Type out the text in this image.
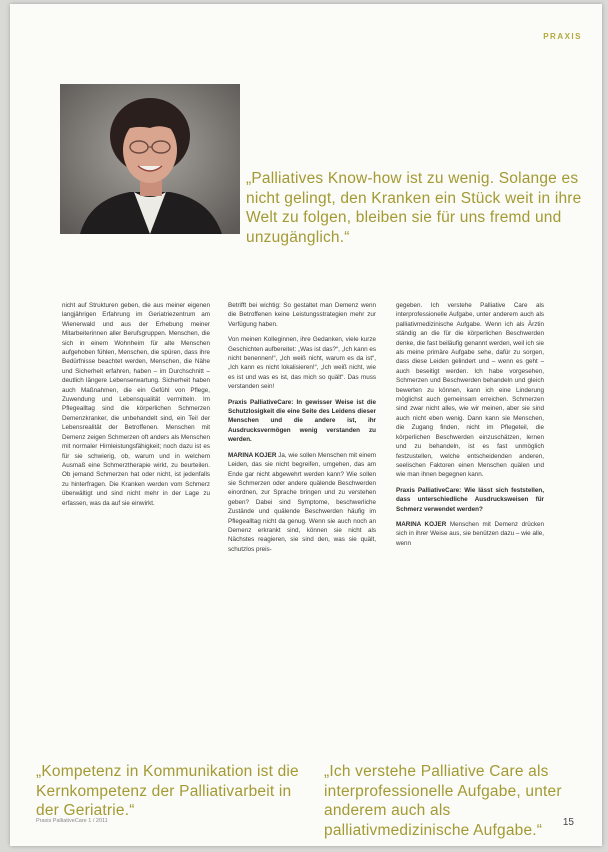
PRAXIS
„Palliatives Know-how ist zu wenig. Solange es nicht gelingt, den Kranken ein Stück weit in ihre Welt zu folgen, bleiben sie für uns fremd und unzugänglich.“

nicht auf Strukturen geben, die aus meiner eigenen langjährigen Erfahrung im Geriatriezentrum am Wienerwald und aus der Erhebung meiner Mitarbeiterinnen aller Berufsgruppen. Menschen, die sich in einem Wohnheim für alte Menschen aufgehoben fühlen, Menschen, die spüren, dass ihre Bedürfnisse beachtet werden, Menschen, die Nähe und Sicherheit erfahren, haben – im Durchschnitt – deutlich längere Lebenserwartung. Sicherheit haben auch Maßnahmen, die ein Gefühl von Pflege, Zuwendung und Lebensqualität vermitteln. Im Pflegealltag sind die körperlichen Schmerzen Demenzkranker, die unbehandelt sind, ein Teil der Lebensrealität der Betroffenen. Menschen mit Demenz zeigen Schmerzen oft anders als Menschen mit normaler Hirnleistungsfähigkeit; noch dazu ist es für sie schwierig, ob, warum und in welchem Ausmaß eine Schmerztherapie wirkt, zu beurteilen. Ob jemand Schmerzen hat oder nicht, ist jedenfalls zu hinterfragen. Die Kranken werden vom Schmerz überwältigt und sind nicht mehr in der Lage zu erfassen, was da auf sie einwirkt.

Betrifft bei wichtig: So gestaltet man Demenz wenn die Betroffenen keine Leistungsstrategien mehr zur Verfügung haben.

Von meinen Kolleginnen, ihre Gedanken, viele kurze Geschichten aufbereitet: „Was ist das?“, „Ich kann es nicht benennen!“, „Ich weiß nicht, warum es da ist“, „Ich kann es nicht lokalisieren!“, „Ich weiß nicht, wie es ist und was es ist, das mich so quält“. Das muss verstanden sein!

Praxis PalliativeCare: In gewisser Weise ist die Schutzlosigkeit die eine Seite des Leidens dieser Menschen und die andere ist, ihr Ausdrucksvermögen wenig verstanden zu werden.

MARINA KOJER Ja, wie sollen Menschen mit einem Leiden, das sie nicht begreifen, umgehen, das am Ende gar nicht abgewehrt werden kann? Wie sollen sie Schmerzen oder andere quälende Beschwerden einordnen, zur Sprache bringen und zu verstehen geben? Dabei sind Symptome, beschwerliche Zustände und quälende Beschwerden häufig im Pflegealltag nicht da genug. Wenn sie auch noch an Demenz erkrankt sind, können sie nicht als Nächstes reagieren, sie sind den, was sie quält, schutzlos preis-

gegeben. Ich verstehe Palliative Care als interprofessionelle Aufgabe, unter anderem auch als palliativmedizinische Aufgabe. Wenn ich als Ärztin ständig an die für die körperlichen Beschwerden denke, die fast beiläufig genannt werden, weil ich sie als meine primäre Aufgabe sehe, dafür zu sorgen, dass diese Leiden gelindert und – wenn es geht – auch beseitigt werden. Ich habe vorgesehen, Schmerzen und Beschwerden behandeln und gleich bewerten zu können, kann ich eine Linderung möglichst auch gemeinsam erreichen. Schmerzen sind zwar nicht alles, wie wir meinen, aber sie sind auch nicht eben wenig. Dann kann sie Menschen, die Zugang finden, nicht im Pflegeteil, die körperlichen Beschwerden einzuschätzen, lernen und zu behandeln, ist es fast unmöglich festzustellen, welche entscheidenden anderen, seelischen Faktoren einen Menschen quälen und wie man ihnen begegnen kann.

Praxis PalliativeCare: Wie lässt sich feststellen, dass unterschiedliche Ausdrucksweisen für Schmerz verwendet werden?

MARINA KOJER Menschen mit Demenz drücken sich in ihrer Weise aus, sie benützen dazu – wie alle, wenn

„Kompetenz in Kommunikation ist die Kernkompetenz der Palliativarbeit in der Geriatrie.“
„Ich verstehe Palliative Care als interprofessionelle Aufgabe, unter anderem auch als palliativmedizinische Aufgabe.“
Praxis PalliativeCare 1 / 2011	15
